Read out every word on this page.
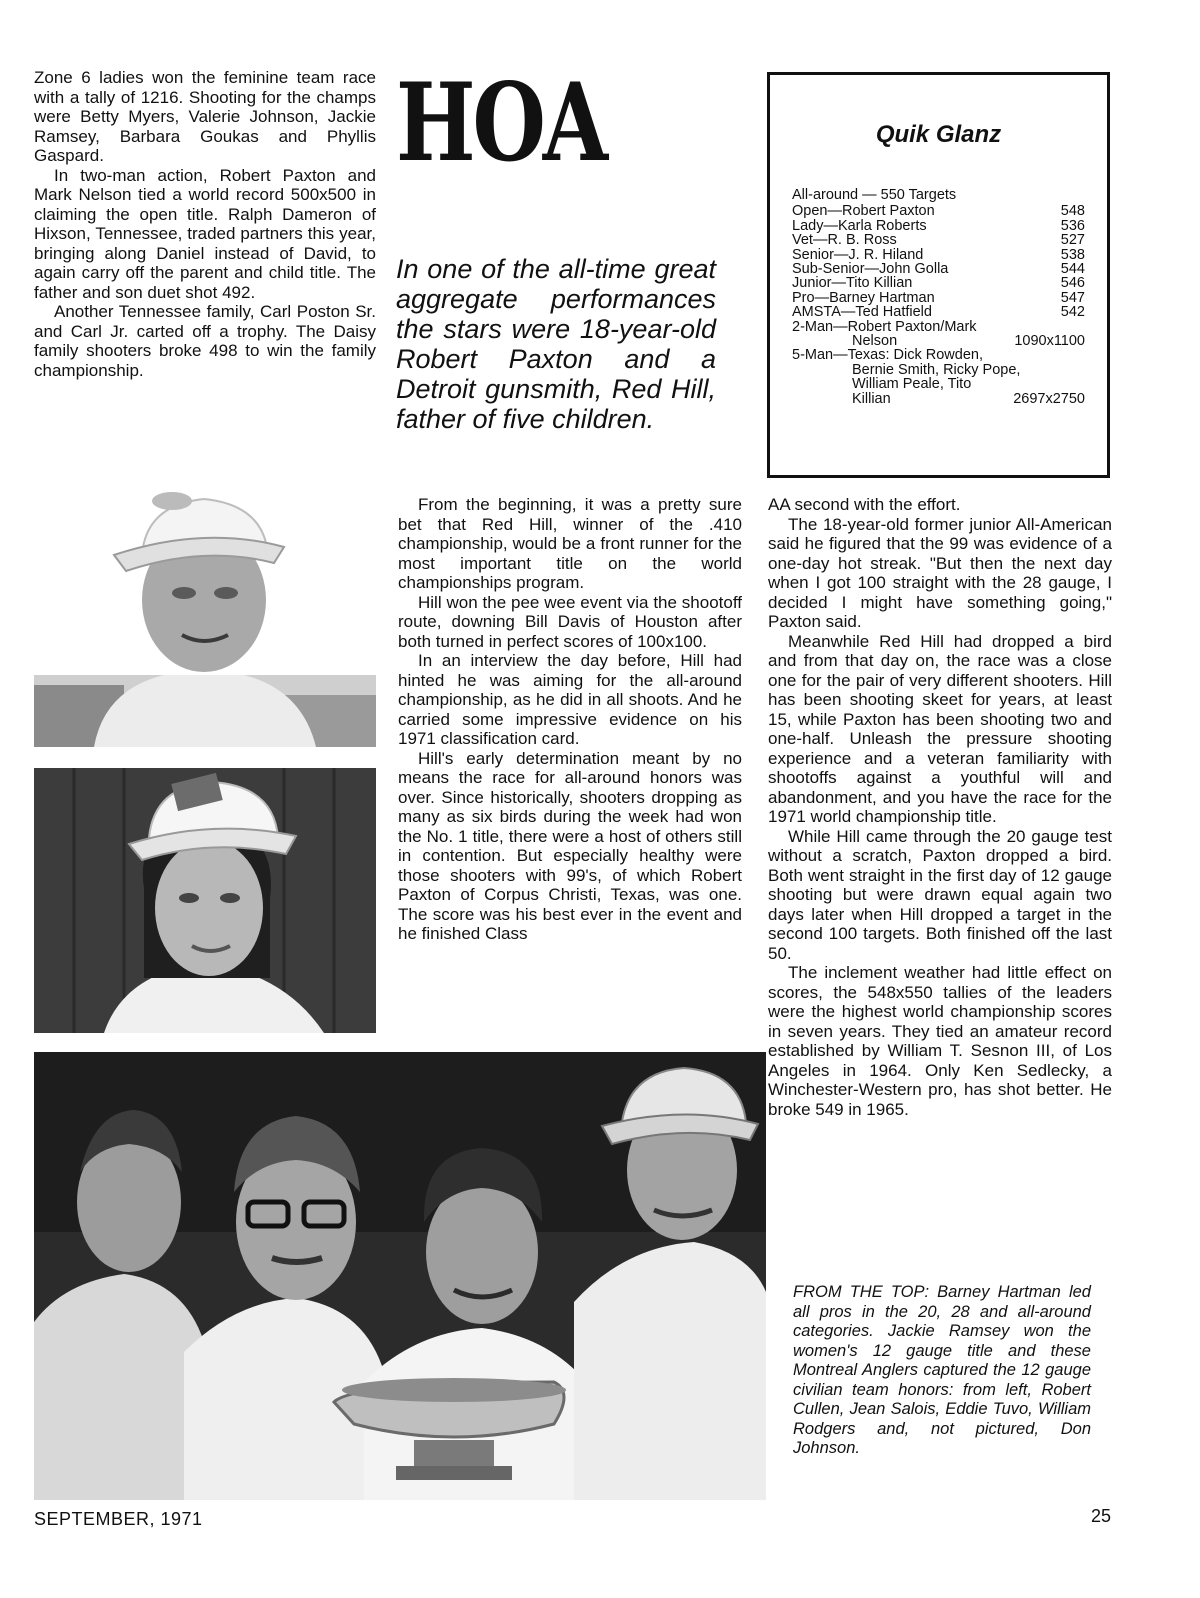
Zone 6 ladies won the feminine team race with a tally of 1216. Shooting for the champs were Betty Myers, Valerie Johnson, Jackie Ramsey, Barbara Goukas and Phyllis Gaspard.

In two-man action, Robert Paxton and Mark Nelson tied a world record 500x500 in claiming the open title. Ralph Dameron of Hixson, Tennessee, traded partners this year, bringing along Daniel instead of David, to again carry off the parent and child title. The father and son duet shot 492.

Another Tennessee family, Carl Poston Sr. and Carl Jr. carted off a trophy. The Daisy family shooters broke 498 to win the family championship.

HOA
In one of the all-time great aggregate performances the stars were 18-year-old Robert Paxton and a Detroit gunsmith, Red Hill, father of five children.
Quik Glanz
All-around — 550 Targets
Open—Robert Paxton	548
Lady—Karla Roberts	536
Vet—R. B. Ross	527
Senior—J. R. Hiland	538
Sub-Senior—John Golla	544
Junior—Tito Killian	546
Pro—Barney Hartman	547
AMSTA—Ted Hatfield	542
2-Man—Robert Paxton/Mark
Nelson	1090x1100
5-Man—Texas: Dick Rowden,
Bernie Smith, Ricky Pope,
William Peale, Tito
Killian	2697x2750

From the beginning, it was a pretty sure bet that Red Hill, winner of the .410 championship, would be a front runner for the most important title on the world championships program.

Hill won the pee wee event via the shootoff route, downing Bill Davis of Houston after both turned in perfect scores of 100x100.

In an interview the day before, Hill had hinted he was aiming for the all-around championship, as he did in all shoots. And he carried some impressive evidence on his 1971 classification card.

Hill's early determination meant by no means the race for all-around honors was over. Since historically, shooters dropping as many as six birds during the week had won the No. 1 title, there were a host of others still in contention. But especially healthy were those shooters with 99's, of which Robert Paxton of Corpus Christi, Texas, was one. The score was his best ever in the event and he finished Class

AA second with the effort.

The 18-year-old former junior All-American said he figured that the 99 was evidence of a one-day hot streak. "But then the next day when I got 100 straight with the 28 gauge, I decided I might have something going," Paxton said.

Meanwhile Red Hill had dropped a bird and from that day on, the race was a close one for the pair of very different shooters. Hill has been shooting skeet for years, at least 15, while Paxton has been shooting two and one-half. Unleash the pressure shooting experience and a veteran familiarity with shootoffs against a youthful will and abandonment, and you have the race for the 1971 world championship title.

While Hill came through the 20 gauge test without a scratch, Paxton dropped a bird. Both went straight in the first day of 12 gauge shooting but were drawn equal again two days later when Hill dropped a target in the second 100 targets. Both finished off the last 50.

The inclement weather had little effect on scores, the 548x550 tallies of the leaders were the highest world championship scores in seven years. They tied an amateur record established by William T. Sesnon III, of Los Angeles in 1964. Only Ken Sedlecky, a Winchester-Western pro, has shot better. He broke 549 in 1965.

FROM THE TOP: Barney Hartman led all pros in the 20, 28 and all-around categories. Jackie Ramsey won the women's 12 gauge title and these Montreal Anglers captured the 12 gauge civilian team honors: from left, Robert Cullen, Jean Salois, Eddie Tuvo, William Rodgers and, not pictured, Don Johnson.
SEPTEMBER, 1971	25
